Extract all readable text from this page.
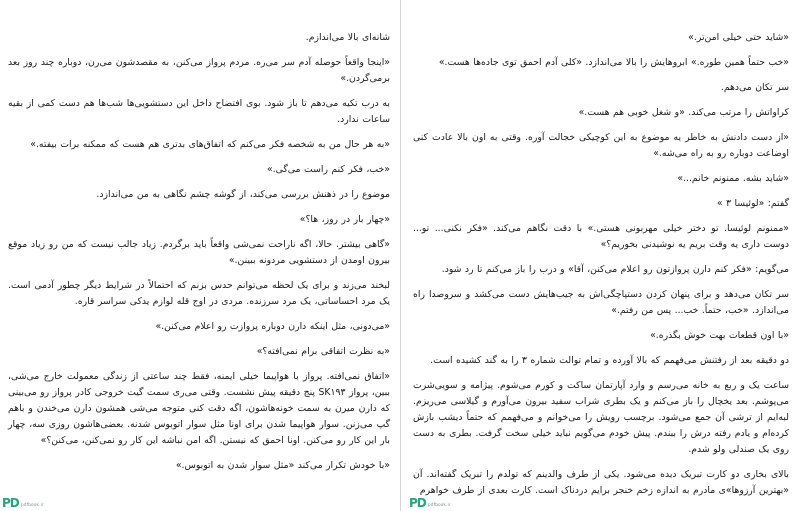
شانه‌ای بالا می‌اندازم.

«اینجا واقعاً حوصله آدم سر می‌ره. مردم پرواز می‌کنن، به مقصدشون می‌رن، دوباره چند روز بعد برمی‌گردن.»

به درب تکیه می‌دهم تا باز شود. بوی افتضاح داخل این دستشویی‌ها شب‌ها هم دست کمی از بقیه ساعات ندارد.

«به هر حال من به شخصه فکر می‌کنم که اتفاق‌های بدتری هم هست که ممکنه برات بیفته.»

«خب، فکر کنم راست می‌گی.»

موضوع را در ذهنش بررسی می‌کند، از گوشه چشم نگاهی به من می‌اندازد.

«چهار بار در روز، ها؟»

«گاهی بیشتر. حالا، اگه ناراحت نمی‌شی واقعاً باید برگردم. زیاد جالب نیست که من رو زیاد موقع بیرون اومدن از دستشویی مردونه ببینن.»

لبخند می‌زند و برای یک لحظه می‌توانم حدس بزنم که احتمالاً در شرایط دیگر چطور آدمی است. یک مرد احساساتی، یک مرد سرزنده. مردی در اوج قله لوازم یدکی سراسر قاره.

«می‌دونی، مثل اینکه دارن دوباره پروازت رو اعلام می‌کنن.»

«به نظرت اتفاقی برام نمی‌افته؟»

«اتفاق نمی‌افته. پرواز با هواپیما خیلی ایمنه، فقط چند ساعتی از زندگی معمولت خارج می‌شی، ببین، پرواز SK۱۹۳ پنج دقیقه پیش نشست. وقتی می‌ری سمت گیت خروجی کادر پرواز رو می‌بینی که دارن میرن به سمت خونه‌هاشون، اگه دقت کنی متوجه می‌شی همشون دارن می‌خندن و باهم گپ می‌زنن. سوار هواپیما شدن برای اونا مثل سوار اتوبوس شدنه. بعضی‌هاشون روزی سه، چهار بار این کار رو می‌کنن. اونا احمق که نیستن. اگه امن نباشه این کار رو نمی‌کنن، می‌کنن؟»

«با خودش تکرار می‌کند «مثل سوار شدن به اتوبوس.»

PD pdfbook.ir

«شاید حتی خیلی امن‌تر.»

«خب حتماً همین طوره.» ابروهایش را بالا می‌اندازد. «کلی آدم احمق توی جاده‌ها هست.»

سر تکان می‌دهم.

کراواتش را مرتب می‌کند. «و شغل خوبی هم هست.»

«از دست دادنش به خاطر یه موضوع به این کوچیکی خجالت آوره. وقتی به اون بالا عادت کنی اوضاعت دوباره رو به راه می‌شه.»

«شاید بشه. ممنونم خانم...»

گفتم: «لوئیسا ۳ »

«ممنونم لوئیسا. تو دختر خیلی مهربونی هستی.» با دقت نگاهم می‌کند. «فکر نکنی... تو... دوست داری یه وقت بریم یه نوشیدنی بخوریم؟»

می‌گویم: «فکر کنم دارن پروازتون رو اعلام می‌کنن، آقا» و درب را باز می‌کنم تا رد شود.

سر تکان می‌دهد و برای پنهان کردن دستپاچگی‌اش به جیب‌هایش دست می‌کشد و سروصدا راه می‌اندازد. «خب، حتماً. خب... پس من رفتم.»

«با اون قطعات بهت خوش بگذره.»

دو دقیقه بعد از رفتنش می‌فهمم که بالا آورده و تمام توالت شماره ۳ را به گند کشیده است.

ساعت یک و ربع به خانه می‌رسم و وارد آپارتمان ساکت و کورم می‌شوم. پیژامه و سویی‌شرت می‌پوشم. بعد یخچال را باز می‌کنم و یک بطری شراب سفید بیرون می‌آورم و گیلاسی می‌ریزم. لبه‌ایم از ترشی آن جمع می‌شود. برچسب رویش را می‌خوانم و می‌فهمم که حتماً دیشب بازش کرده‌ام و یادم رفته درش را ببندم. پیش خودم می‌گویم نباید خیلی سخت گرفت. بطری به دست روی یک صندلی ولو شدم.

بالای بخاری دو کارت تبریک دیده می‌شود. یکی از طرف والدینم که تولدم را تبریک گفته‌اند. آن «بهترین آرزوها»ی مادرم به اندازه زخم خنجر برایم دردناک است. کارت بعدی از طرف خواهرم

PD pdfbook.ir
